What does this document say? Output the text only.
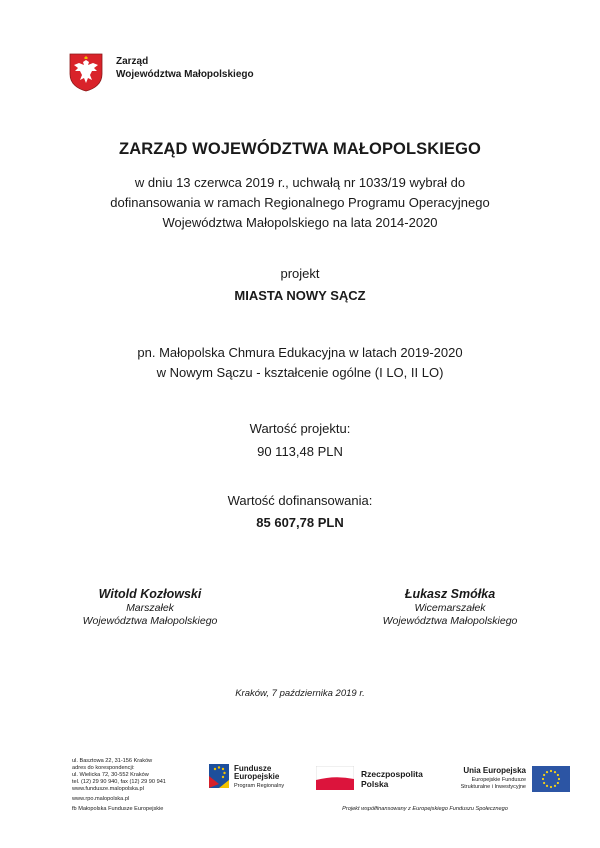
Zarząd
Województwa Małopolskiego
ZARZĄD WOJEWÓDZTWA MAŁOPOLSKIEGO
w dniu 13 czerwca 2019 r., uchwałą nr 1033/19 wybrał do
dofinansowania w ramach Regionalnego Programu Operacyjnego
Województwa Małopolskiego na lata 2014-2020
projekt
MIASTA NOWY SĄCZ
pn. Małopolska Chmura Edukacyjna w latach 2019-2020
w Nowym Sączu - kształcenie ogólne (I LO, II LO)
Wartość projektu:
90 113,48 PLN
Wartość dofinansowania:
85 607,78 PLN
Witold Kozłowski
Marszałek
Województwa Małopolskiego
Łukasz Smółka
Wicemarszałek
Województwa Małopolskiego
Kraków, 7 października 2019 r.
ul. Basztowa 22, 31-156 Kraków
adres do korespondencji:
ul. Wielicka 72, 30-552 Kraków
tel. (12) 29 90 940, fax (12) 29 90 941
www.fundusze.malopolska.pl
www.rpo.malopolska.pl
fb Małopolska Fundusze Europejskie
Fundusze
Europejskie
Program Regionalny
Rzeczpospolita
Polska
Unia Europejska
Europejskie Fundusze
Strukturalne i Inwestycyjne
Projekt współfinansowany z Europejskiego Funduszu Społecznego
